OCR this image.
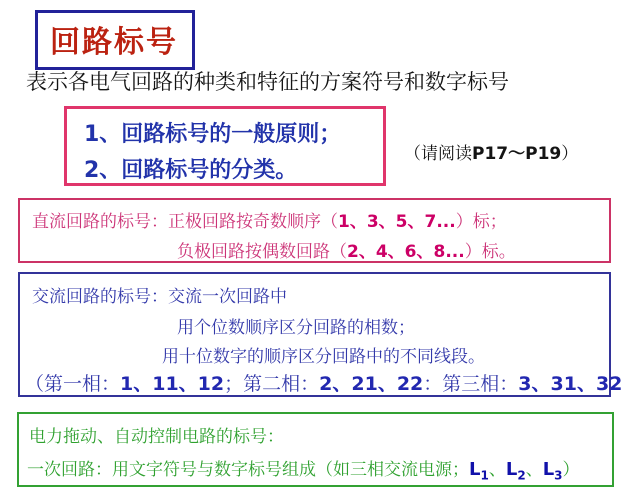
回路标号
表示各电气回路的种类和特征的方案符号和数字标号
1、回路标号的一般原则；
2、回路标号的分类。
（请阅读P17～P19）
直流回路的标号：正极回路按奇数顺序（1、3、5、7...）标；
负极回路按偶数回路（2、4、6、8...）标。
交流回路的标号：交流一次回路中
用个位数顺序区分回路的相数；
用十位数字的顺序区分回路中的不同线段。
（第一相：1、11、12；第二相：2、21、22：第三相：3、31、32
电力拖动、自动控制电路的标号：
一次回路：用文字符号与数字标号组成（如三相交流电源；$L_1$、$L_2$、$L_3$）
